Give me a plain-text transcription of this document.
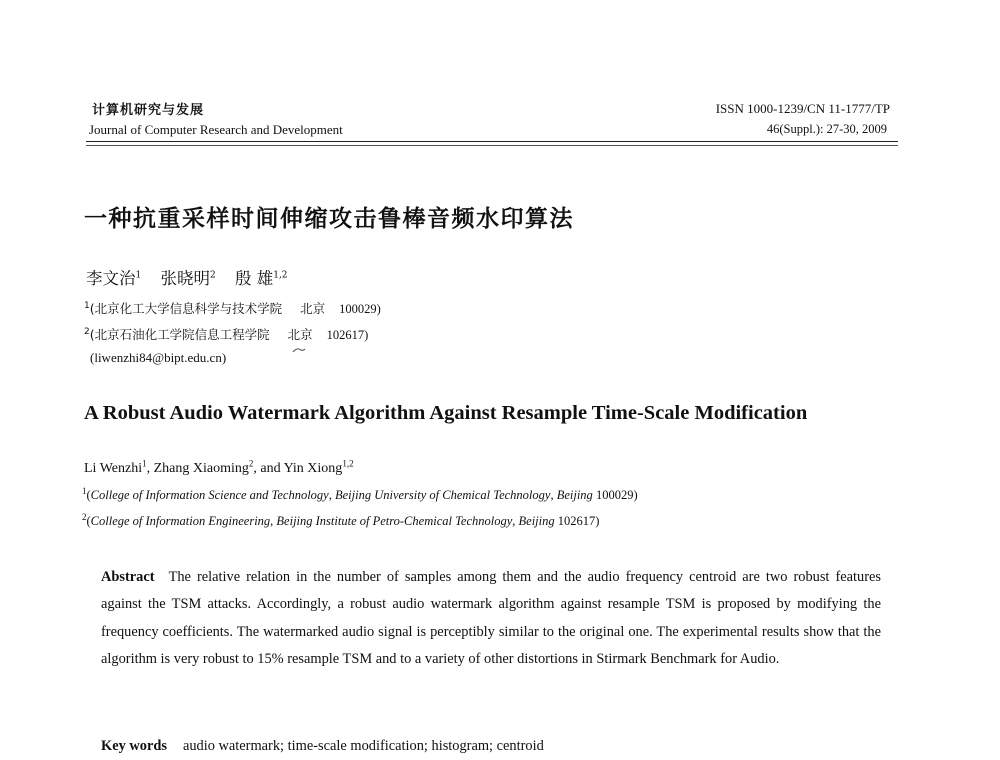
计算机研究与发展
Journal of Computer Research and Development
ISSN 1000-1239/CN 11-1777/TP
46(Suppl.): 27-30, 2009
一种抗重采样时间伸缩攻击鲁棒音频水印算法
李文治$^1$ 张晓明$^2$ 殷 雄$^{1,2}$
$^1$(北京化工大学信息科学与技术学院 北京 100029)
$^2$(北京石油化工学院信息工程学院 北京 102617)
(liwenzhi84@bipt.edu.cn)
A Robust Audio Watermark Algorithm Against Resample Time-Scale Modification
Li Wenzhi$^1$, Zhang Xiaoming$^2$, and Yin Xiong$^{1,2}$
$^1$(College of Information Science and Technology, Beijing University of Chemical Technology, Beijing 100029)
$^2$(College of Information Engineering, Beijing Institute of Petro-Chemical Technology, Beijing 102617)
Abstract The relative relation in the number of samples among them and the audio frequency centroid are two robust features against the TSM attacks. Accordingly, a robust audio watermark algorithm against resample TSM is proposed by modifying the frequency coefficients. The watermarked audio signal is perceptibly similar to the original one. The experimental results show that the algorithm is very robust to 15% resample TSM and to a variety of other distortions in Stirmark Benchmark for Audio.
Key words audio watermark; time-scale modification; histogram; centroid
